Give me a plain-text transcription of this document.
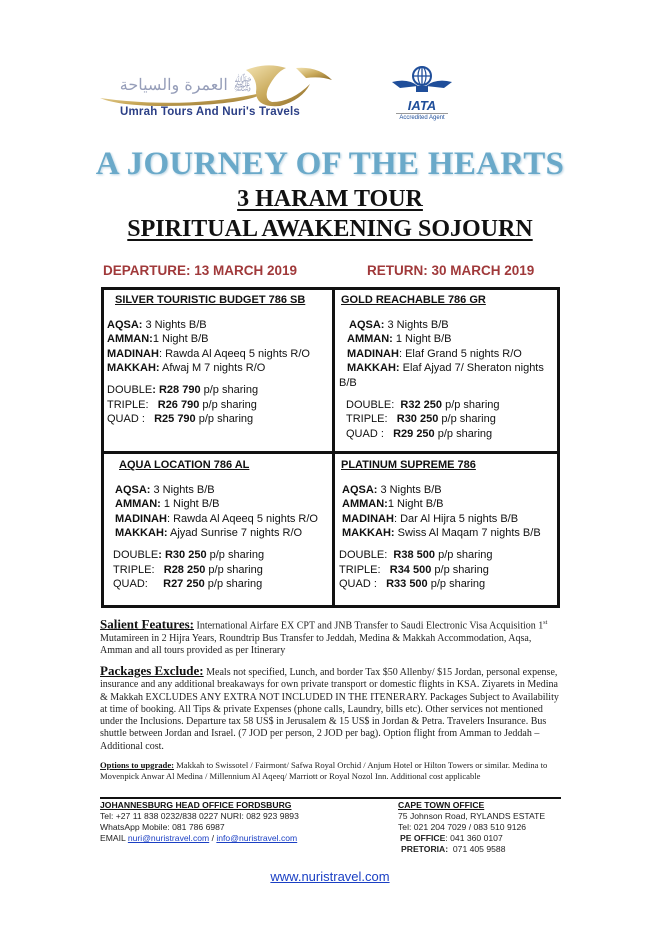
ﷺ ﺍﻟﻌﻤﺮﺓ ﻭﺍﻟﺴﻴﺎﺣﺔ
Umrah Tours And Nuri's Travels	IATA
Accredited Agent
A JOURNEY OF THE HEARTS
3 HARAM TOUR
SPIRITUAL AWAKENING SOJOURN
DEPARTURE: 13 MARCH 2019	RETURN: 30 MARCH 2019
SILVER TOURISTIC BUDGET 786 SB
AQSA: 3 Nights B/B
AMMAN:1 Night B/B
MADINAH: Rawda Al Aqeeq 5 nights R/O
MAKKAH: Afwaj M 7 nights R/O
DOUBLE: R28 790 p/p sharing
TRIPLE: R26 790 p/p sharing
QUAD : R25 790 p/p sharing
GOLD REACHABLE 786 GR
AQSA: 3 Nights B/B
AMMAN: 1 Night B/B
MADINAH: Elaf Grand 5 nights R/O
MAKKAH: Elaf Ajyad 7/ Sheraton nights
B/B
DOUBLE: R32 250 p/p sharing
TRIPLE: R30 250 p/p sharing
QUAD : R29 250 p/p sharing
AQUA LOCATION 786 AL
AQSA: 3 Nights B/B
AMMAN: 1 Night B/B
MADINAH: Rawda Al Aqeeq 5 nights R/O
MAKKAH: Ajyad Sunrise 7 nights R/O
DOUBLE: R30 250 p/p sharing
TRIPLE: R28 250 p/p sharing
QUAD: R27 250 p/p sharing
PLATINUM SUPREME 786
AQSA: 3 Nights B/B
AMMAN:1 Night B/B
MADINAH: Dar Al Hijra 5 nights B/B
MAKKAH: Swiss Al Maqam 7 nights B/B
DOUBLE: R38 500 p/p sharing
TRIPLE: R34 500 p/p sharing
QUAD : R33 500 p/p sharing
Salient Features: International Airfare EX CPT and JNB Transfer to Saudi Electronic Visa Acquisition 1st Mutamireen in 2 Hijra Years, Roundtrip Bus Transfer to Jeddah, Medina & Makkah Accommodation, Aqsa, Amman and all tours provided as per Itinerary
Packages Exclude: Meals not specified, Lunch, and border Tax $50 Allenby/ $15 Jordan, personal expense, insurance and any additional breakaways for own private transport or domestic flights in KSA. Ziyarets in Medina & Makkah EXCLUDES ANY EXTRA NOT INCLUDED IN THE ITENERARY. Packages Subject to Availability at time of booking. All Tips & private Expenses (phone calls, Laundry, bills etc). Other services not mentioned under the Inclusions. Departure tax 58 US$ in Jerusalem & 15 US$ in Jordan & Petra. Travelers Insurance. Bus shuttle between Jordan and Israel. (7 JOD per person, 2 JOD per bag). Option flight from Amman to Jeddah – Additional cost.
Options to upgrade: Makkah to Swissotel / Fairmont/ Safwa Royal Orchid / Anjum Hotel or Hilton Towers or similar. Medina to Movenpick Anwar Al Medina / Millennium Al Aqeeq/ Marriott or Royal Nozol Inn. Additional cost applicable
JOHANNESBURG HEAD OFFICE FORDSBURG
Tel: +27 11 838 0232/838 0227 NURI: 082 923 9893
WhatsApp Mobile: 081 786 6987
EMAIL nuri@nuristravel.com / info@nuristravel.com
CAPE TOWN OFFICE
75 Johnson Road, RYLANDS ESTATE
Tel: 021 204 7029 / 083 510 9126
PE OFFICE: 041 360 0107
PRETORIA:  071 405 9588
www.nuristravel.com
